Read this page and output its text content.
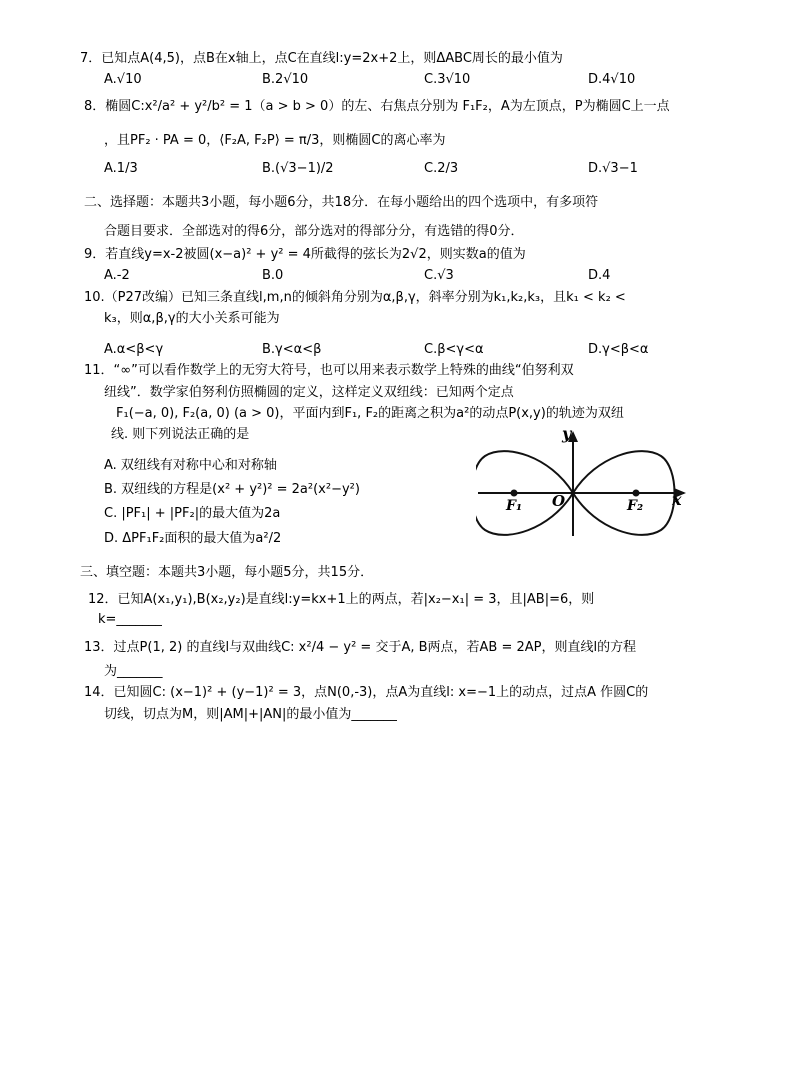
7．已知点A(4,5)，点B在x轴上，点C在直线l:y=2x+2上，则ΔABC周长的最小值为
A.√10	B.2√10	C.3√10	D.4√10
8．椭圆C:x²/a² + y²/b² = 1（a > b > 0）的左、右焦点分别为 F₁F₂，A为左顶点，P为椭圆C上一点
，且PF₂ · PA = 0，⟨F₂A, F₂P⟩ = π/3，则椭圆C的离心率为
A.1/3	B.(√3−1)/2	C.2/3	D.√3−1
二、选择题：本题共3小题，每小题6分，共18分．在每小题给出的四个选项中，有多项符
合题目要求．全部选对的得6分，部分选对的得部分分，有选错的得0分．
9．若直线y=x-2被圆(x−a)² + y² = 4所截得的弦长为2√2，则实数a的值为
A.-2	B.0	C.√3	D.4
10.（P27改编）已知三条直线l,m,n的倾斜角分别为α,β,γ，斜率分别为k₁,k₂,k₃，且k₁ < k₂ <
k₃，则α,β,γ的大小关系可能为
A.α<β<γ	B.γ<α<β	C.β<γ<α	D.γ<β<α
11．“∞”可以看作数学上的无穷大符号，也可以用来表示数学上特殊的曲线“伯努利双
纽线”．数学家伯努利仿照椭圆的定义，这样定义双纽线：已知两个定点
F₁(−a, 0), F₂(a, 0) (a > 0)，平面内到F₁, F₂的距离之积为a²的动点P(x,y)的轨迹为双纽
线. 则下列说法正确的是
A. 双纽线有对称中心和对称轴
B. 双纽线的方程是(x² + y²)² = 2a²(x²−y²)
C. |PF₁| + |PF₂|的最大值为2a
D. ΔPF₁F₂面积的最大值为a²/2
y
x
O
F₁	F₂
三、填空题：本题共3小题，每小题5分，共15分．
12．已知A(x₁,y₁),B(x₂,y₂)是直线l:y=kx+1上的两点，若|x₂−x₁| = 3，且|AB|=6，则
k=_______
13．过点P(1, 2) 的直线l与双曲线C: x²/4 − y² = 交于A, B两点，若AB = 2AP，则直线l的方程
为_______
14．已知圆C: (x−1)² + (y−1)² = 3，点N(0,-3)，点A为直线l: x=−1上的动点，过点A 作圆C的
切线，切点为M，则|AM|+|AN|的最小值为_______
